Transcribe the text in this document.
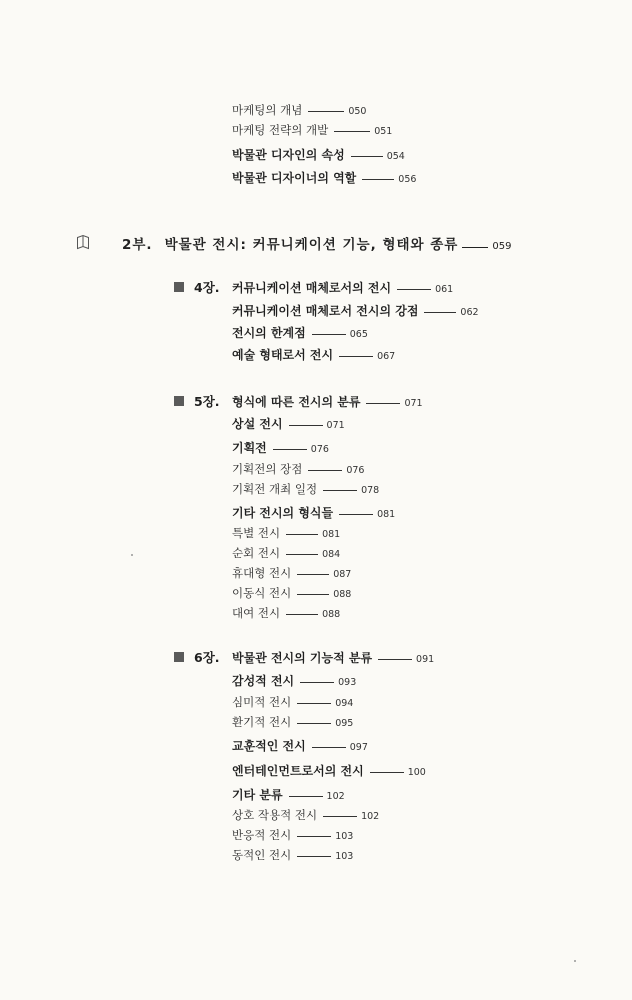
마케팅의 개념	050
마케팅 전략의 개발	051
박물관 디자인의 속성	054
박물관 디자이너의 역할	056
2부. 박물관 전시: 커뮤니케이션 기능, 형태와 종류	059
4장. 커뮤니케이션 매체로서의 전시	061
커뮤니케이션 매체로서 전시의 강점	062
전시의 한계점	065
예술 형태로서 전시	067
5장. 형식에 따른 전시의 분류	071
상설 전시	071
기획전	076
기획전의 장점	076
기획전 개최 일정	078
기타 전시의 형식들	081
특별 전시	081
순회 전시	084
휴대형 전시	087
이동식 전시	088
대여 전시	088
6장. 박물관 전시의 기능적 분류	091
감성적 전시	093
심미적 전시	094
환기적 전시	095
교훈적인 전시	097
엔터테인먼트로서의 전시	100
기타 분류	102
상호 작용적 전시	102
반응적 전시	103
동적인 전시	103
